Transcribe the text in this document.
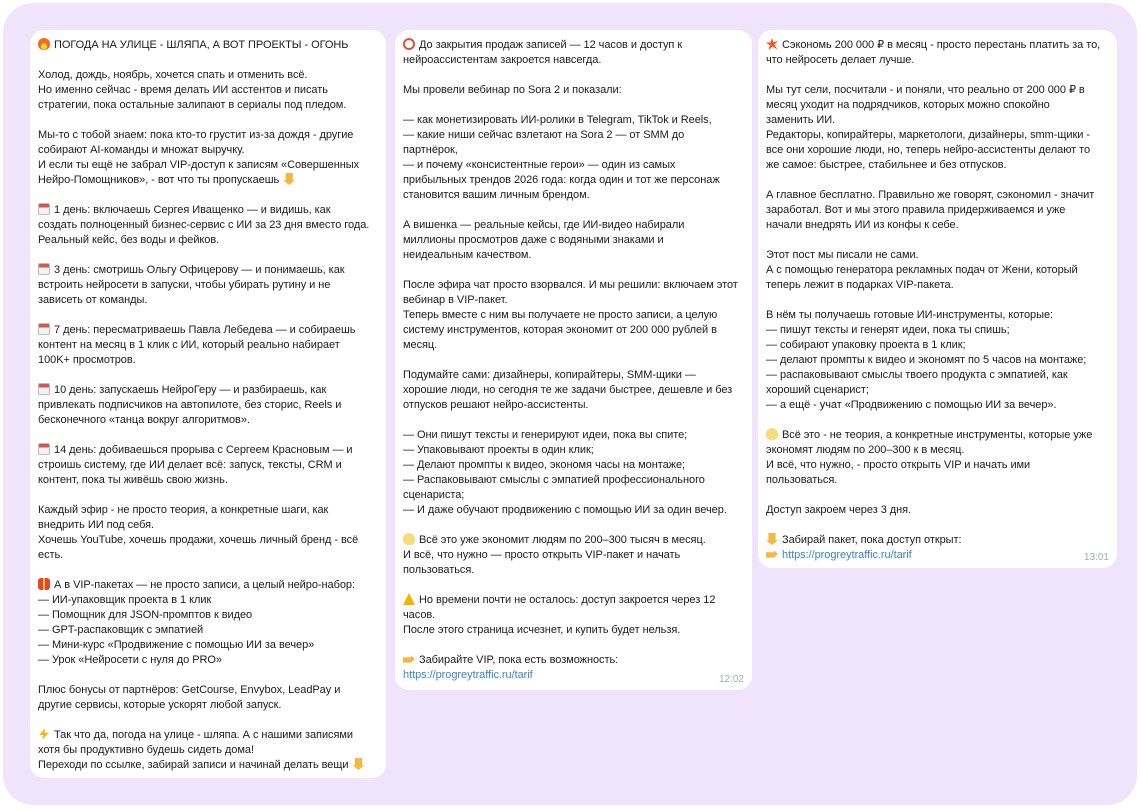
ПОГОДА НА УЛИЦЕ - ШЛЯПА, А ВОТ ПРОЕКТЫ - ОГОНЬ
Холод, дождь, ноябрь, хочется спать и отменить всё.
Но именно сейчас - время делать ИИ асстентов и писать
стратегии, пока остальные залипают в сериалы под пледом.
Мы-то с тобой знаем: пока кто-то грустит из-за дождя - другие
собирают AI-команды и множат выручку.
И если ты ещё не забрал VIP-доступ к записям «Совершенных
Нейро-Помощников», - вот что ты пропускаешь
1 день: включаешь Сергея Иващенко — и видишь, как
создать полноценный бизнес-сервис с ИИ за 23 дня вместо года.
Реальный кейс, без воды и фейков.
3 день: смотришь Ольгу Офицерову — и понимаешь, как
встроить нейросети в запуски, чтобы убирать рутину и не
зависеть от команды.
7 день: пересматриваешь Павла Лебедева — и собираешь
контент на месяц в 1 клик с ИИ, который реально набирает
100K+ просмотров.
10 день: запускаешь НейроГеру — и разбираешь, как
привлекать подписчиков на автопилоте, без сторис, Reels и
бесконечного «танца вокруг алгоритмов».
14 день: добиваешься прорыва с Сергеем Красновым — и
строишь систему, где ИИ делает всё: запуск, тексты, CRM и
контент, пока ты живёшь свою жизнь.
Каждый эфир - не просто теория, а конкретные шаги, как
внедрить ИИ под себя.
Хочешь YouTube, хочешь продажи, хочешь личный бренд - всё
есть.
А в VIP-пакетах — не просто записи, а целый нейро-набор:
— ИИ-упаковщик проекта в 1 клик
— Помощник для JSON-промптов к видео
— GPT-распаковщик с эмпатией
— Мини-курс «Продвижение с помощью ИИ за вечер»
— Урок «Нейросети с нуля до PRO»
Плюс бонусы от партнёров: GetCourse, Envybox, LeadPay и
другие сервисы, которые ускорят любой запуск.
Так что да, погода на улице - шляпа. А с нашими записями
хотя бы продуктивно будешь сидеть дома!
Переходи по ссылке, забирай записи и начинай делать вещи
До закрытия продаж записей — 12 часов и доступ к
нейроассистентам закроется навсегда.
Мы провели вебинар по Sora 2 и показали:
— как монетизировать ИИ-ролики в Telegram, TikTok и Reels,
— какие ниши сейчас взлетают на Sora 2 — от SMM до
партнёрок,
— и почему «консистентные герои» — один из самых
прибыльных трендов 2026 года: когда один и тот же персонаж
становится вашим личным брендом.
А вишенка — реальные кейсы, где ИИ-видео набирали
миллионы просмотров даже с водяными знаками и
неидеальным качеством.
После эфира чат просто взорвался. И мы решили: включаем этот
вебинар в VIP-пакет.
Теперь вместе с ним вы получаете не просто записи, а целую
систему инструментов, которая экономит от 200 000 рублей в
месяц.
Подумайте сами: дизайнеры, копирайтеры, SMM-щики —
хорошие люди, но сегодня те же задачи быстрее, дешевле и без
отпусков решают нейро-ассистенты.
— Они пишут тексты и генерируют идеи, пока вы спите;
— Упаковывают проекты в один клик;
— Делают промпты к видео, экономя часы на монтаже;
— Распаковывают смыслы с эмпатией профессионального
сценариста;
— И даже обучают продвижению с помощью ИИ за один вечер.
Всё это уже экономит людям по 200–300 тысяч в месяц.
И всё, что нужно — просто открыть VIP-пакет и начать
пользоваться.
Но времени почти не осталось: доступ закроется через 12
часов.
После этого страница исчезнет, и купить будет нельзя.
Забирайте VIP, пока есть возможность:
https://progreytraffic.ru/tarif	12:02
Сэкономь 200 000 ₽ в месяц - просто перестань платить за то,
что нейросеть делает лучше.
Мы тут сели, посчитали - и поняли, что реально от 200 000 ₽ в
месяц уходит на подрядчиков, которых можно спокойно
заменить ИИ.
Редакторы, копирайтеры, маркетологи, дизайнеры, smm-щики -
все они хорошие люди, но, теперь нейро-ассистенты делают то
же самое: быстрее, стабильнее и без отпусков.
А главное бесплатно. Правильно же говорят, сэкономил - значит
заработал. Вот и мы этого правила придерживаемся и уже
начали внедрять ИИ из конфы к себе.
Этот пост мы писали не сами.
А с помощью генератора рекламных подач от Жени, который
теперь лежит в подарках VIP-пакета.
В нём ты получаешь готовые ИИ-инструменты, которые:
— пишут тексты и генерят идеи, пока ты спишь;
— собирают упаковку проекта в 1 клик;
— делают промпты к видео и экономят по 5 часов на монтаже;
— распаковывают смыслы твоего продукта с эмпатией, как
хороший сценарист;
— а ещё - учат «Продвижению с помощью ИИ за вечер».
Всё это - не теория, а конкретные инструменты, которые уже
экономят людям по 200–300 к в месяц.
И всё, что нужно, - просто открыть VIP и начать ими
пользоваться.
Доступ закроем через 3 дня.
Забирай пакет, пока доступ открыт:
https://progreytraffic.ru/tarif	13:01
